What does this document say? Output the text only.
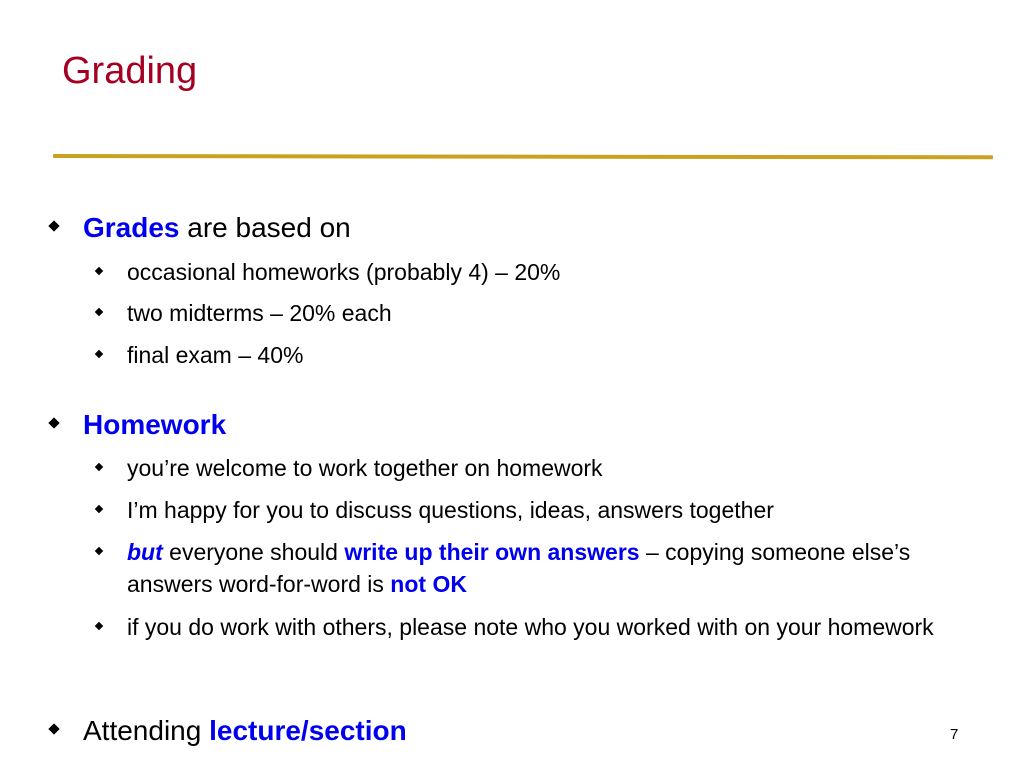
Grading
Grades are based on
occasional homeworks (probably 4) – 20%
two midterms – 20% each
final exam – 40%
Homework
you’re welcome to work together on homework
I’m happy for you to discuss questions, ideas, answers together
but everyone should write up their own answers – copying someone else’s answers word-for-word is not OK
if you do work with others, please note who you worked with on your homework
Attending lecture/section	7
